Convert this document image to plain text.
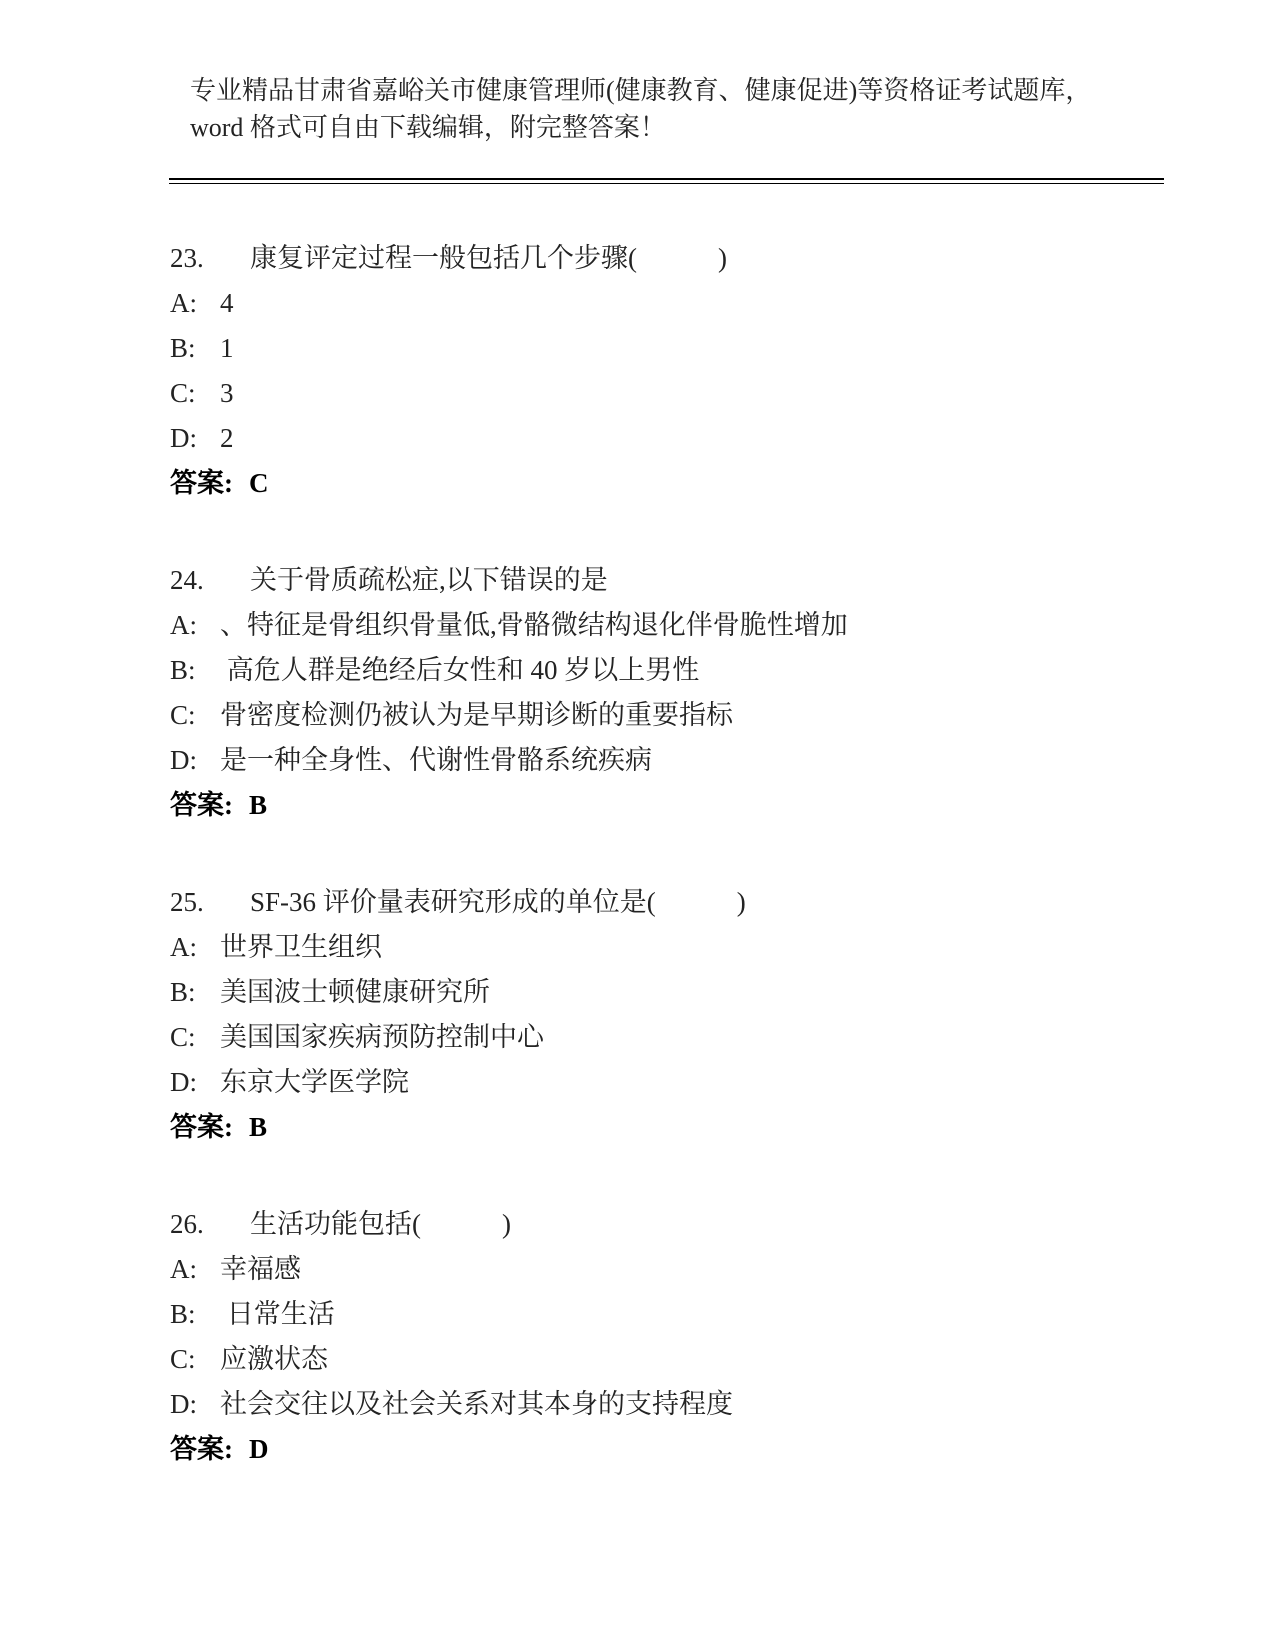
专业精品甘肃省嘉峪关市健康管理师(健康教育、健康促进)等资格证考试题库，

word 格式可自由下载编辑，附完整答案！

23. 康复评定过程一般包括几个步骤(　　　)

A: 4

B: 1

C: 3

D: 2

答案: C

24. 关于骨质疏松症,以下错误的是

A: 、特征是骨组织骨量低,骨骼微结构退化伴骨脆性增加

B: 高危人群是绝经后女性和 40 岁以上男性

C: 骨密度检测仍被认为是早期诊断的重要指标

D: 是一种全身性、代谢性骨骼系统疾病

答案: B

25. SF-36 评价量表研究形成的单位是(　　　)

A: 世界卫生组织

B: 美国波士顿健康研究所

C: 美国国家疾病预防控制中心

D: 东京大学医学院

答案: B

26. 生活功能包括(　　　)

A: 幸福感

B: 日常生活

C: 应激状态

D: 社会交往以及社会关系对其本身的支持程度

答案: D
